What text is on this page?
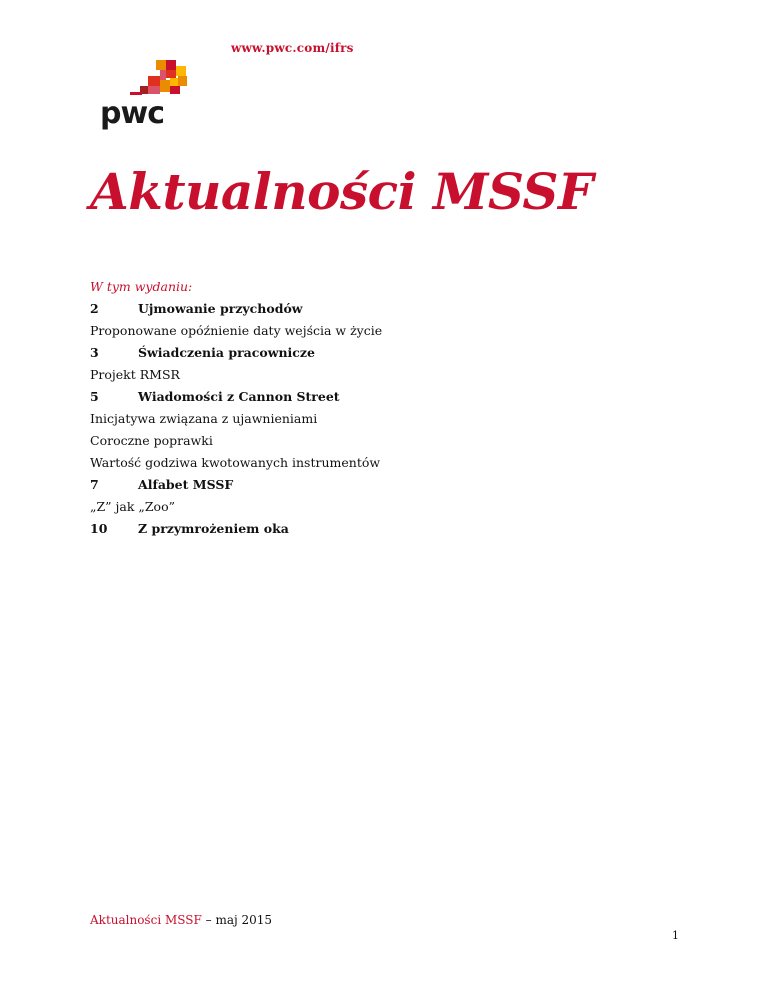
www.pwc.com/ifrs
pwc
Aktualności MSSF
W tym wydaniu:
2	Ujmowanie przychodów
Proponowane opóźnienie daty wejścia w życie
3	Świadczenia pracownicze
Projekt RMSR
5	Wiadomości z Cannon Street
Inicjatywa związana z ujawnieniami
Coroczne poprawki
Wartość godziwa kwotowanych instrumentów
7	Alfabet MSSF
„Z” jak „Zoo”
10 Z przymrożeniem oka
Aktualności MSSF – maj 2015
1
